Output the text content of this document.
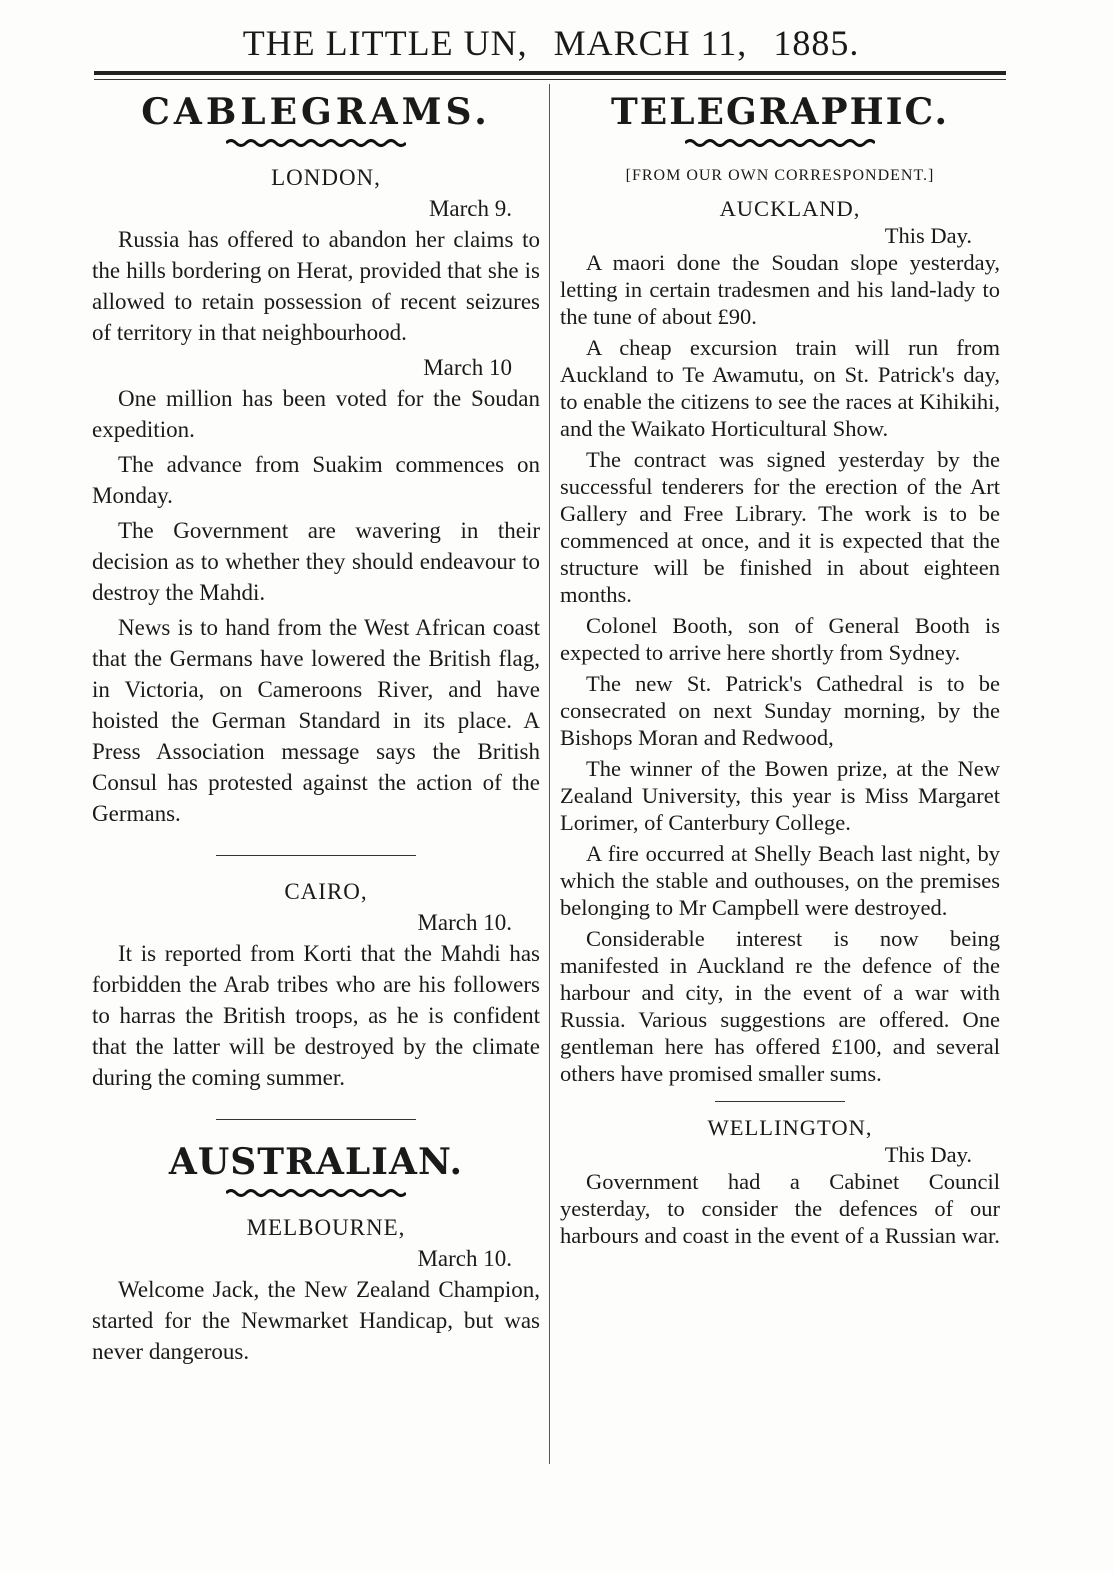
THE LITTLE UN, MARCH 11, 1885.
CABLEGRAMS.

LONDON,

March 9.

Russia has offered to abandon her claims to the hills bordering on Herat, provided that she is allowed to retain possession of recent seizures of territory in that neighbourhood.

March 10

One million has been voted for the Soudan expedition.

The advance from Suakim commences on Monday.

The Government are wavering in their decision as to whether they should endeavour to destroy the Mahdi.

News is to hand from the West African coast that the Germans have lowered the British flag, in Victoria, on Cameroons River, and have hoisted the German Standard in its place. A Press Association message says the British Consul has protested against the action of the Germans.

CAIRO,

March 10.

It is reported from Korti that the Mahdi has forbidden the Arab tribes who are his followers to harras the British troops, as he is confident that the latter will be destroyed by the climate during the coming summer.

AUSTRALIAN.

MELBOURNE,

March 10.

Welcome Jack, the New Zealand Champion, started for the Newmarket Handicap, but was never dangerous.

TELEGRAPHIC.

[FROM OUR OWN CORRESPONDENT.]

AUCKLAND,

This Day.

A maori done the Soudan slope yesterday, letting in certain tradesmen and his land-lady to the tune of about £90.

A cheap excursion train will run from Auckland to Te Awamutu, on St. Patrick's day, to enable the citizens to see the races at Kihikihi, and the Waikato Horticultural Show.

The contract was signed yesterday by the successful tenderers for the erection of the Art Gallery and Free Library. The work is to be commenced at once, and it is expected that the structure will be finished in about eighteen months.

Colonel Booth, son of General Booth is expected to arrive here shortly from Sydney.

The new St. Patrick's Cathedral is to be consecrated on next Sunday morning, by the Bishops Moran and Redwood,

The winner of the Bowen prize, at the New Zealand University, this year is Miss Margaret Lorimer, of Canterbury College.

A fire occurred at Shelly Beach last night, by which the stable and outhouses, on the premises belonging to Mr Campbell were destroyed.

Considerable interest is now being manifested in Auckland re the defence of the harbour and city, in the event of a war with Russia. Various suggestions are offered. One gentleman here has offered £100, and several others have promised smaller sums.

WELLINGTON,

This Day.

Government had a Cabinet Council yesterday, to consider the defences of our harbours and coast in the event of a Russian war.
